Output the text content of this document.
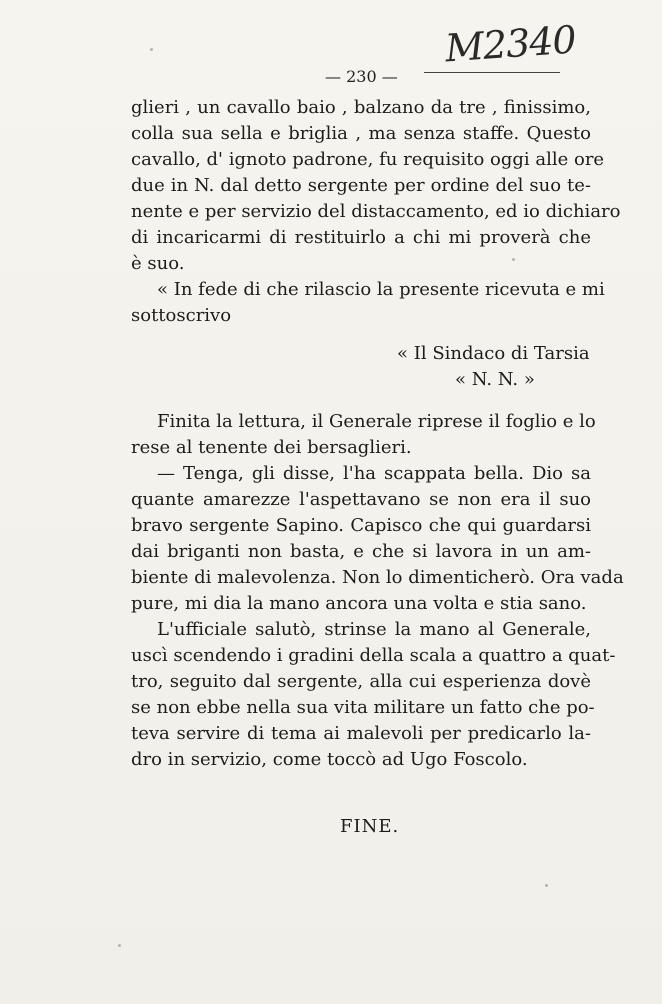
M2340
— 230 —
glieri , un cavallo baio , balzano da tre , finissimo,
colla sua sella e briglia , ma senza staffe. Questo
cavallo, d' ignoto padrone, fu requisito oggi alle ore
due in N. dal detto sergente per ordine del suo te-
nente e per servizio del distaccamento, ed io dichiaro
di incaricarmi di restituirlo a chi mi proverà che
è suo.
« In fede di che rilascio la presente ricevuta e mi
sottoscrivo
« Il Sindaco di Tarsia
« N. N. »
Finita la lettura, il Generale riprese il foglio e lo
rese al tenente dei bersaglieri.
— Tenga, gli disse, l'ha scappata bella. Dio sa
quante amarezze l'aspettavano se non era il suo
bravo sergente Sapino. Capisco che qui guardarsi
dai briganti non basta, e che si lavora in un am-
biente di malevolenza. Non lo dimenticherò. Ora vada
pure, mi dia la mano ancora una volta e stia sano.
L'ufficiale salutò, strinse la mano al Generale,
uscì scendendo i gradini della scala a quattro a quat-
tro, seguito dal sergente, alla cui esperienza dovè
se non ebbe nella sua vita militare un fatto che po-
teva servire di tema ai malevoli per predicarlo la-
dro in servizio, come toccò ad Ugo Foscolo.
FINE.
